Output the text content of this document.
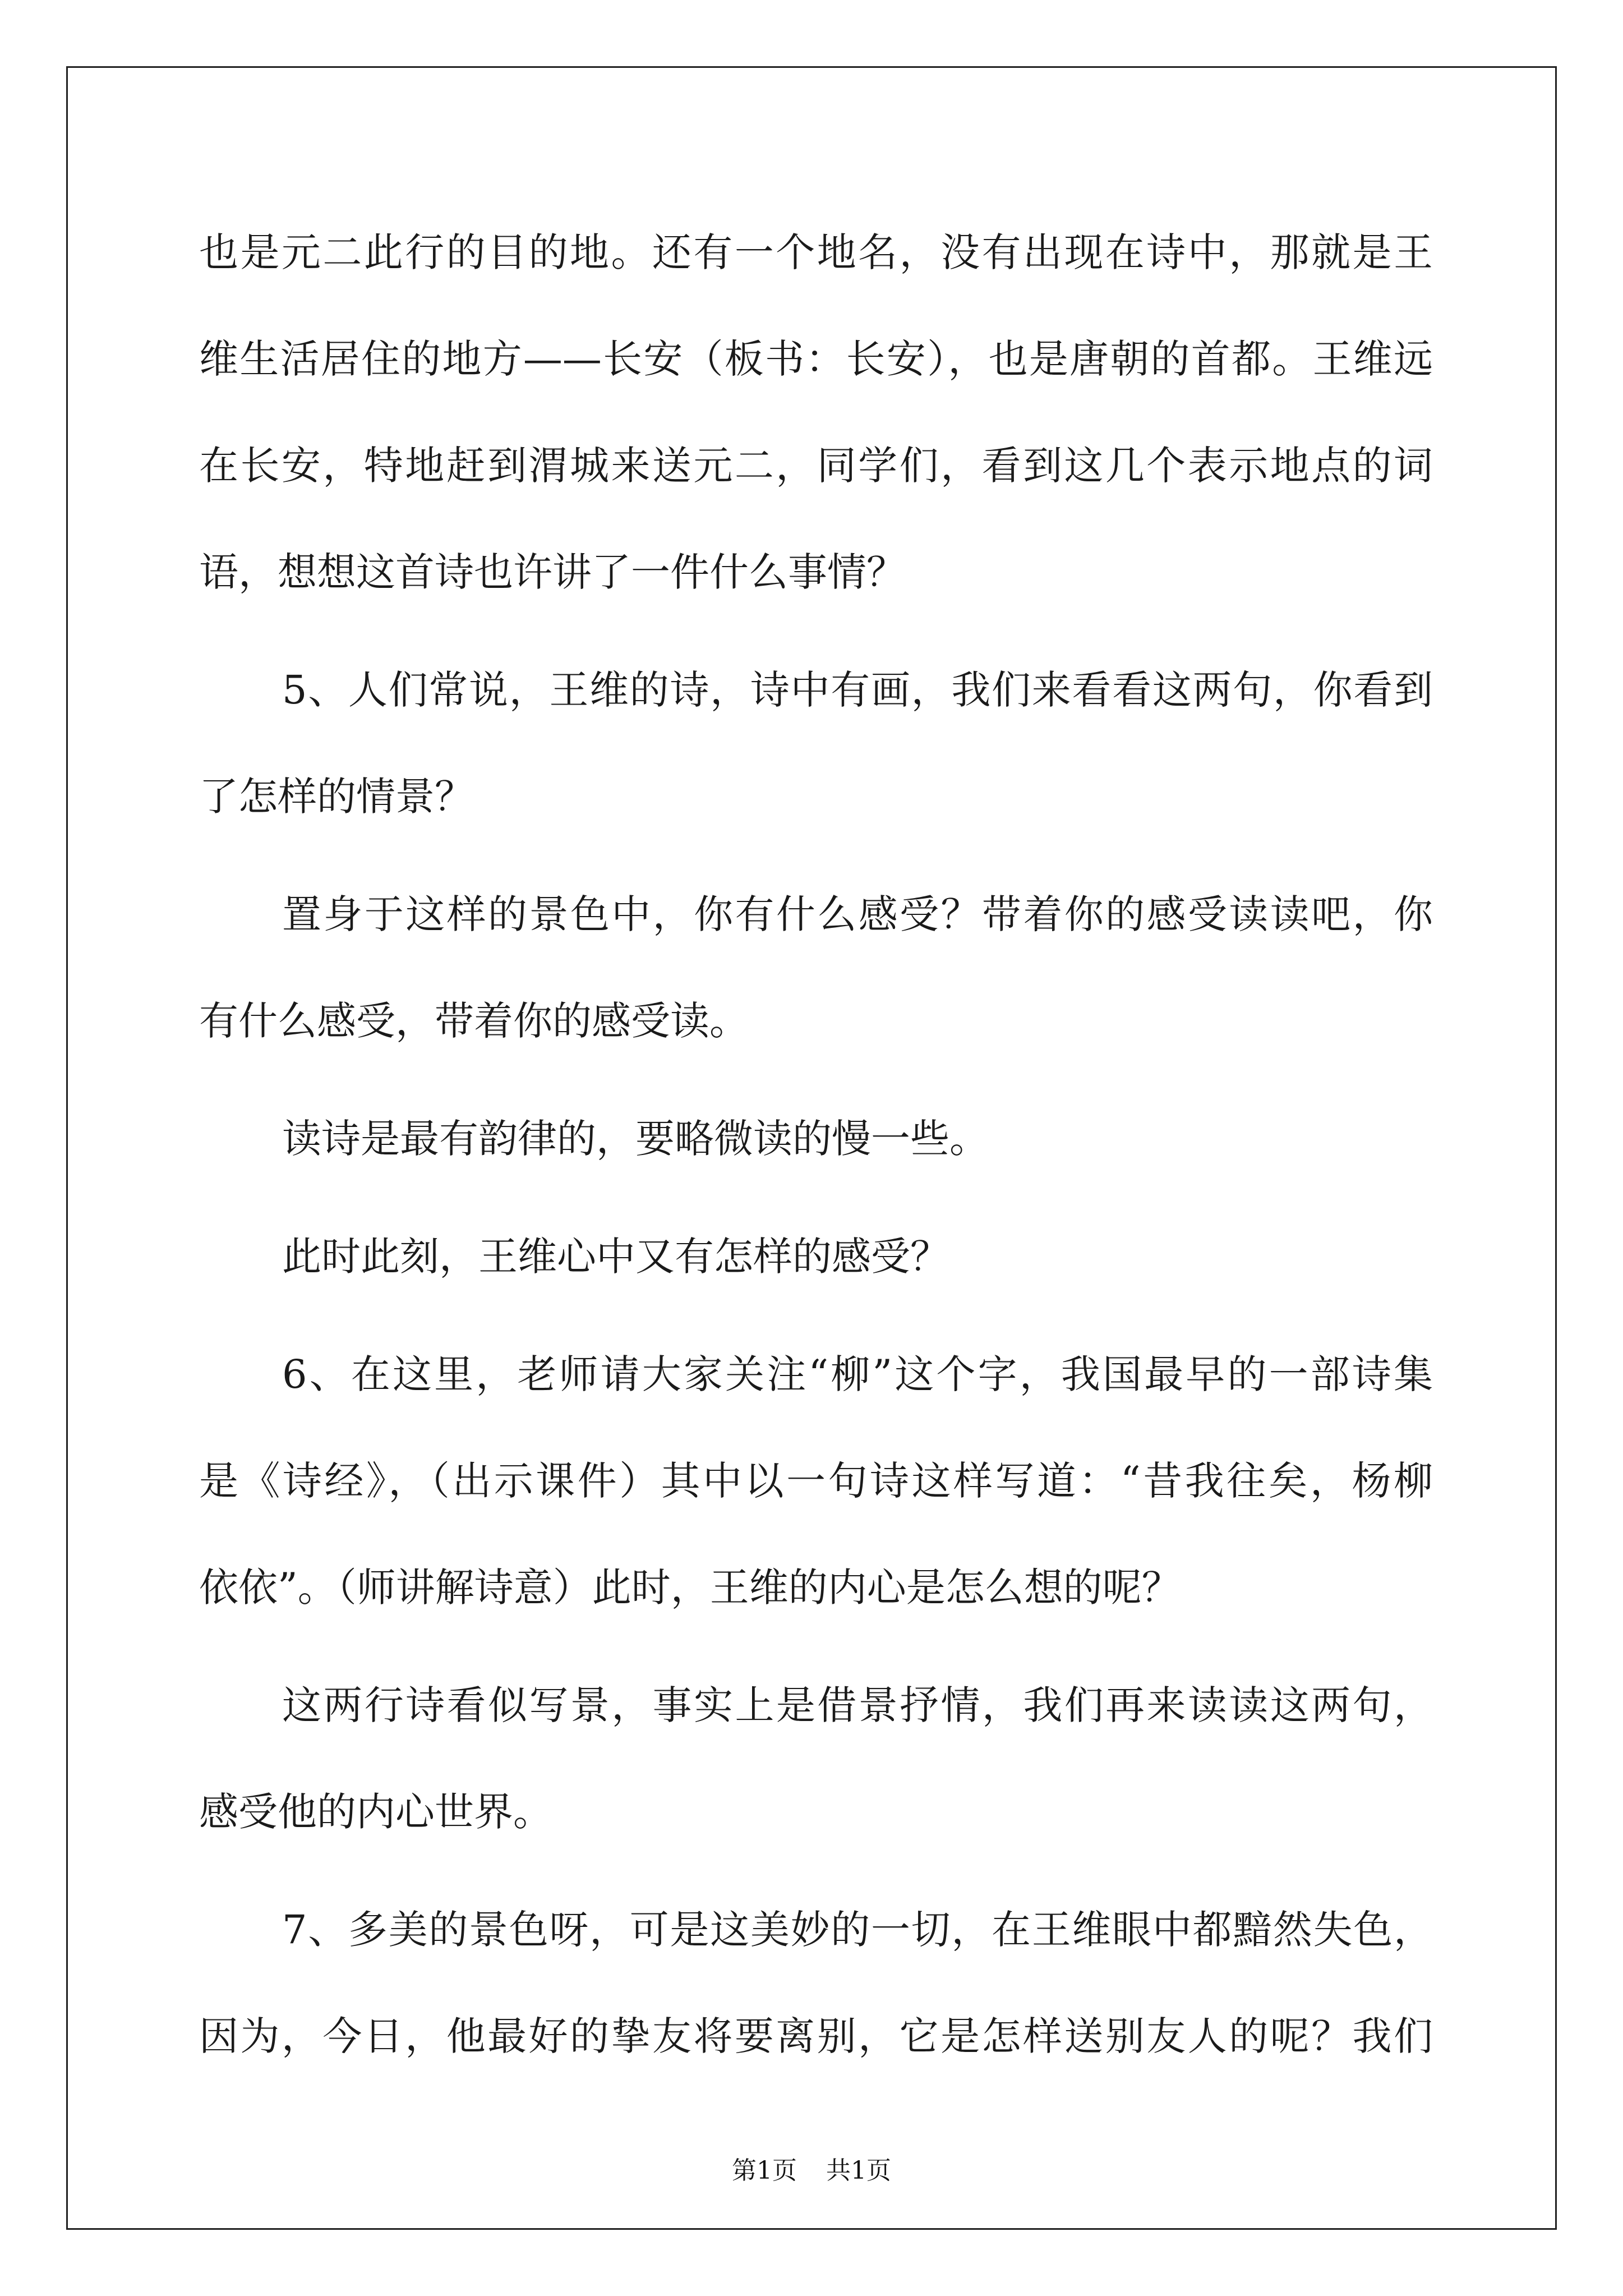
也是元二此行的目的地。还有一个地名，没有出现在诗中，那就是王
维生活居住的地方——长安（板书：长安），也是唐朝的首都。王维远
在长安，特地赶到渭城来送元二，同学们，看到这几个表示地点的词
语，想想这首诗也许讲了一件什么事情？
5、人们常说，王维的诗，诗中有画，我们来看看这两句，你看到
了怎样的情景？
置身于这样的景色中，你有什么感受？带着你的感受读读吧，你
有什么感受，带着你的感受读。
读诗是最有韵律的，要略微读的慢一些。
此时此刻，王维心中又有怎样的感受？
6、在这里，老师请大家关注“柳”这个字，我国最早的一部诗集
是《诗经》，（出示课件）其中以一句诗这样写道：“昔我往矣，杨柳
依依”。（师讲解诗意）此时，王维的内心是怎么想的呢？
这两行诗看似写景，事实上是借景抒情，我们再来读读这两句，
感受他的内心世界。
7、多美的景色呀，可是这美妙的一切，在王维眼中都黯然失色，
因为，今日，他最好的挚友将要离别，它是怎样送别友人的呢？我们
第1页 共1页
